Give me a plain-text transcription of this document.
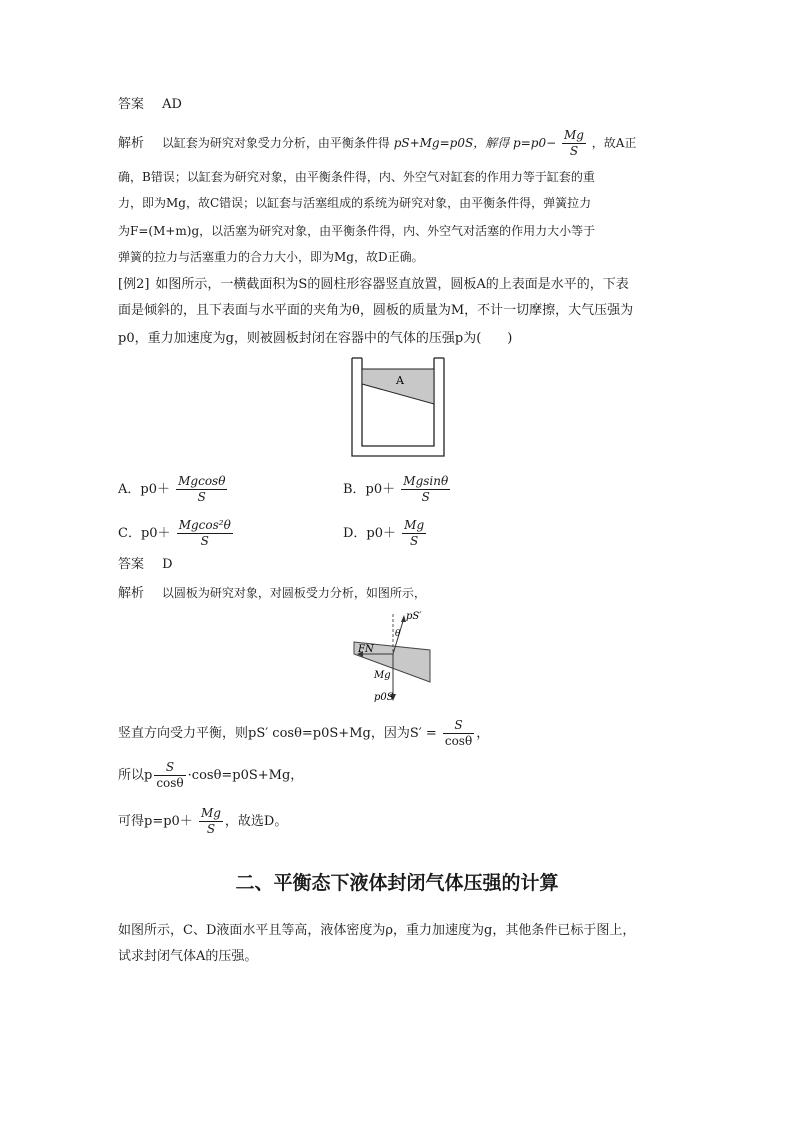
答案 AD
解析 以缸套为研究对象受力分析，由平衡条件得 pS+Mg=p0S，解得 $p=p0- \frac{Mg}{S}$ ，故A正
确，B错误；以缸套为研究对象，由平衡条件得，内、外空气对缸套的作用力等于缸套的重
力，即为Mg，故C错误；以缸套与活塞组成的系统为研究对象，由平衡条件得，弹簧拉力
为F=(M+m)g，以活塞为研究对象，由平衡条件得，内、外空气对活塞的作用力大小等于
弹簧的拉力与活塞重力的合力大小，即为Mg，故D正确。
[例2] 如图所示，一横截面积为S的圆柱形容器竖直放置，圆板A的上表面是水平的，下表
面是倾斜的，且下表面与水平面的夹角为θ，圆板的质量为M，不计一切摩擦，大气压强为
p0，重力加速度为g，则被圆板封闭在容器中的气体的压强p为(　　)
A
A．$p0+ \frac{Mgcos\theta}{S}$	B．$p0+ \frac{Mgsin\theta}{S}$
C．$p0+ \frac{\text{Mgcos²θ}}{S}$	D．$p0+ \frac{Mg}{S}$
答案 D
解析 以圆板为研究对象，对圆板受力分析，如图所示，
pS′
θ
FN
Mg
p0S
竖直方向受力平衡，则pS′ cosθ=p0S+Mg，因为$S' = \frac{S}{\cos\theta}$ ，
所以p $\frac{S}{\cos\theta} \cdot\cos\theta=p0S+Mg$，
可得$p=p0+ \frac{Mg}{S}$ ，故选D。
二、平衡态下液体封闭气体压强的计算
如图所示，C、D液面水平且等高，液体密度为ρ，重力加速度为g，其他条件已标于图上，
试求封闭气体A的压强。
